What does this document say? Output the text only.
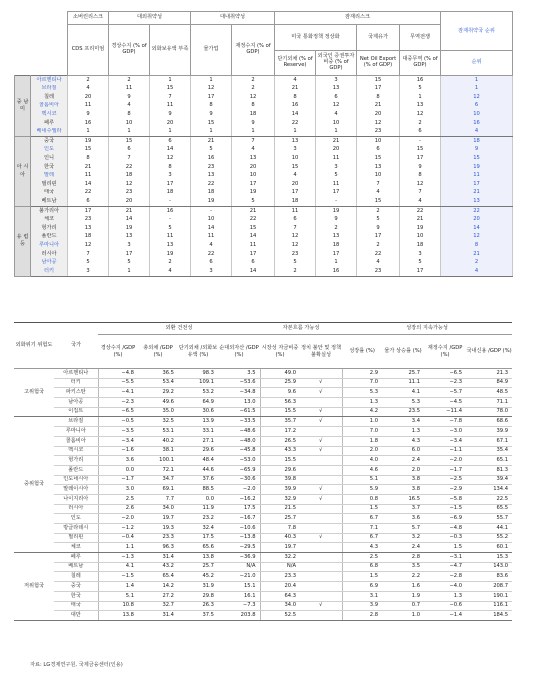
		소버린리스크	대외취약성		대내취약성		잠재리스크				잠재취약국 순위
		CDS 프리미엄	경상수지 (% of GDP)	외화보유액 부족	물가업	재정수지 (% of GDP)	미국 통화정책 정상화		국제유가	무역전쟁	
							단기외채 (% of Reserve)	외국인 증권투자비중 (% of GDP)	Net Oil Export (% of GDP)	대중무역 (% of GDP)	순위
중 남 미	아르헨티나	2	2	1	1	2	4	3	15	16	1
	브라질	4	11	15	12	2	21	13	17	5	1
	칠레	20	9	7	17	12	8	6	8	1	12
	콜롬비아	11	4	11	8	8	16	12	21	13	6
	멕시코	9	8	9	9	18	14	4	20	12	10
	페루	16	10	20	15	9	22	10	12	2	16
	베네수엘라	1	1	1	1	1	1	1	23	6	4
아 시 아	중국	19	15	6	21	7	13	21	10	-	18
	인도	15	6	14	5	4	3	20	6	15	9
	인니	8	7	12	16	13	10	11	15	17	15
	한국	21	22	8	23	20	15	3	13	9	19
	말레	11	18	3	13	10	4	5	10	8	11
	필리핀	14	12	17	22	17	20	11	7	12	17
	태국	22	23	18	18	19	17	17	4	7	21
	베트남	6	20	-	19	5	18	-	15	4	13
유 럽 등	불가리아	17	21	16	-	21	11	19	2	22	22
	체코	23	14	-	10	22	6	9	5	21	20
	헝가리	13	19	5	14	15	7	2	9	19	14
	폴란드	18	13	11	11	14	12	13	17	10	12
	루마니아	12	3	13	4	11	12	18	2	18	8
	러시아	7	17	19	22	17	23	17	22	3	21
	남아공	5	5	2	6	6	5	1	4	5	2
	터키	3	1	4	3	14	2	16	23	17	4
외화위기 위험도	국가	외환 건전성				자본흐름 가능성		성장의 지속가능성			
		경상수지 /GDP (%)	총외채 /GDP (%)	단기외채 /외화보유액 (%)	순대외자산 /GDP (%)	시장성 자금비중 (%)	정치 불안 및 정책 불확실성	성장률 (%)	물가 상승률 (%)	재정수지 /GDP (%)	국내신용 /GDP (%)
고위험국	아르헨티나	−4.8	36.5	98.3	3.5	49.0		2.9	25.7	−6.5	21.3
	터키	−5.5	53.4	109.1	−53.6	25.9	√	7.0	11.1	−2.3	84.9
	파키스탄	−4.1	29.2	53.2	−34.8	9.6	√	5.3	4.1	−5.7	48.5
	남아공	−2.3	49.6	64.9	13.0	56.3		1.3	5.3	−4.5	71.1
	이집트	−6.5	35.0	30.6	−61.5	15.5	√	4.2	23.5	−11.4	78.0
중위험국	브라질	−0.5	32.5	13.9	−33.5	35.7	√	1.0	3.4	−7.8	68.6
	루마니아	−3.5	53.1	33.1	−48.6	17.2		7.0	1.3	−3.0	39.9
	콜롬비아	−3.4	40.2	27.1	−48.0	26.5	√	1.8	4.3	−3.4	67.1
	멕시코	−1.6	38.1	29.6	−45.8	43.3	√	2.0	6.0	−1.1	35.4
	헝가리	3.6	100.1	48.4	−53.0	15.5		4.0	2.4	−2.0	65.1
	폴란드	0.0	72.1	44.6	−65.9	29.6		4.6	2.0	−1.7	81.3
	인도네시아	−1.7	34.7	37.6	−30.6	39.8		5.1	3.8	−2.5	39.4
	말레이시아	3.0	69.1	88.5	−2.0	39.9	√	5.9	3.8	−2.9	134.4
	나이지리아	2.5	7.7	0.0	−16.2	32.9	√	0.8	16.5	−5.8	22.5
	러시아	2.6	34.0	11.9	17.5	21.5		1.5	3.7	−1.5	65.5
	인도	−2.0	19.7	23.2	−16.7	25.7		6.7	3.6	−6.9	55.7
	방글라데시	−1.2	19.3	32.4	−10.6	7.8		7.1	5.7	−4.8	44.1
	필리핀	−0.4	23.3	17.5	−13.8	40.3	√	6.7	3.2	−0.3	55.2
	체코	1.1	96.3	65.6	−29.5	19.7		4.3	2.4	1.5	60.1
저위험국	페루	−1.3	31.4	13.8	−36.9	32.2		2.5	2.8	−3.1	15.3
	베트남	4.1	43.2	25.7	N/A	N/A		6.8	3.5	−4.7	143.0
	칠레	−1.5	65.4	45.2	−21.0	23.3		1.5	2.2	−2.8	83.6
	중국	1.4	14.2	31.9	15.1	20.4		6.9	1.6	−4.0	208.7
	한국	5.1	27.2	29.8	16.1	64.3		3.1	1.9	1.3	190.1
	태국	10.8	32.7	26.3	−7.3	34.0	√	3.9	0.7	−0.6	116.1
	대만	13.8	31.4	37.5	203.8	52.5		2.8	1.0	−1.4	184.5
자료: LG경제연구원, 국제금융센터(인용)
